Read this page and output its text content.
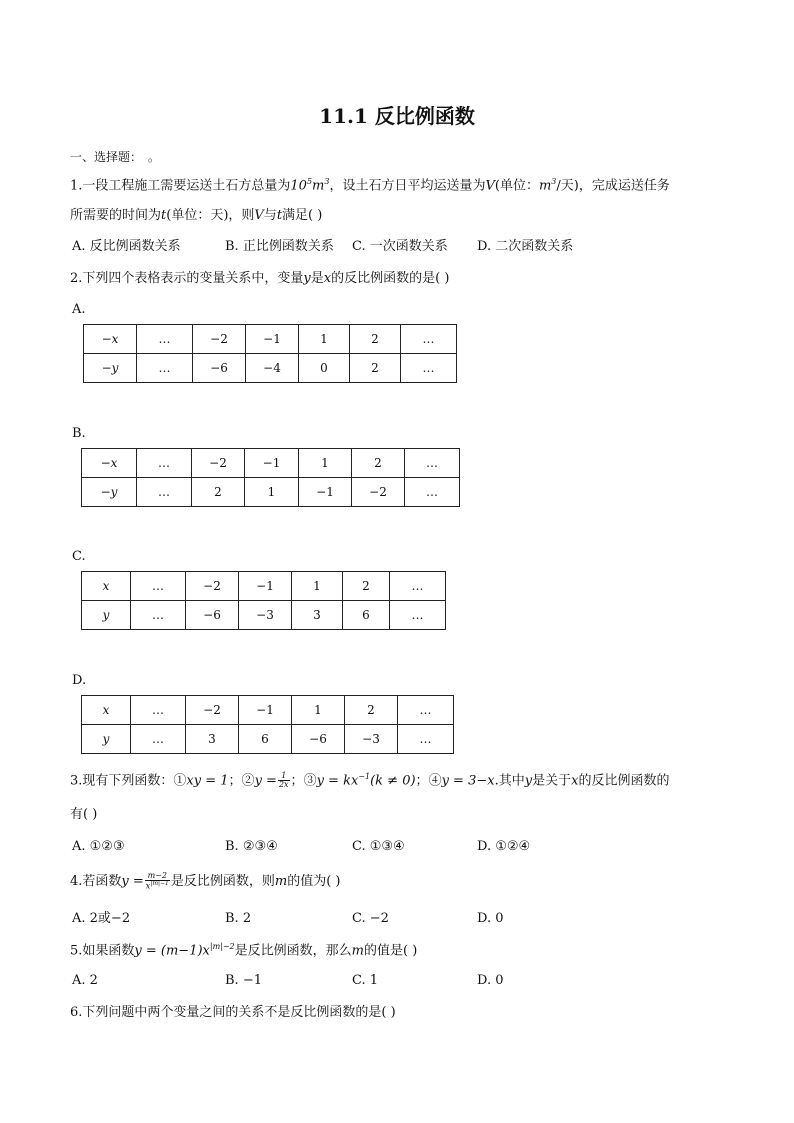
11.1 反比例函数
一、选择题：　。
1.一段工程施工需要运送土石方总量为$10^5m^3$，设土石方日平均运送量为V(单位：$m^3/$天)，完成运送任务
所需要的时间为t(单位：天)，则V与t满足( )
A. 反比例函数关系	B. 正比例函数关系 C. 一次函数关系 D. 二次函数关系
2.下列四个表格表示的变量关系中，变量y是x的反比例函数的是( )
A.
−x	…	−2	−1	1	2	…
−y	…	−6	−4	0	2	…
B.
−x	…	−2	−1	1	2	…
−y	…	2	1	−1	−2	…
C.
x	…	−2	−1	1	2	…
y	…	−6	−3	3	6	…
D.
x	…	−2	−1	1	2	…
y	…	3	6	−6	−3	…
3.现有下列函数：①xy = 1；②y = $\frac{1}{2x}$ ；③y = $kx^{-1}(k \ne 0)$；④y = 3−x.其中y是关于x的反比例函数的
有( )
A. ①②③	B. ②③④	C. ①③④	D. ①②④
4.若函数$y = \frac{m-2}{x^{|m|-1}}$ 是反比例函数，则m的值为( )
A. 2或−2	B. 2	C. −2	D. 0
5.如果函数$y = (m-1)x^{|m|-2}$是反比例函数，那么m的值是( )
A. 2	B. −1	C. 1	D. 0
6.下列问题中两个变量之间的关系不是反比例函数的是( )
